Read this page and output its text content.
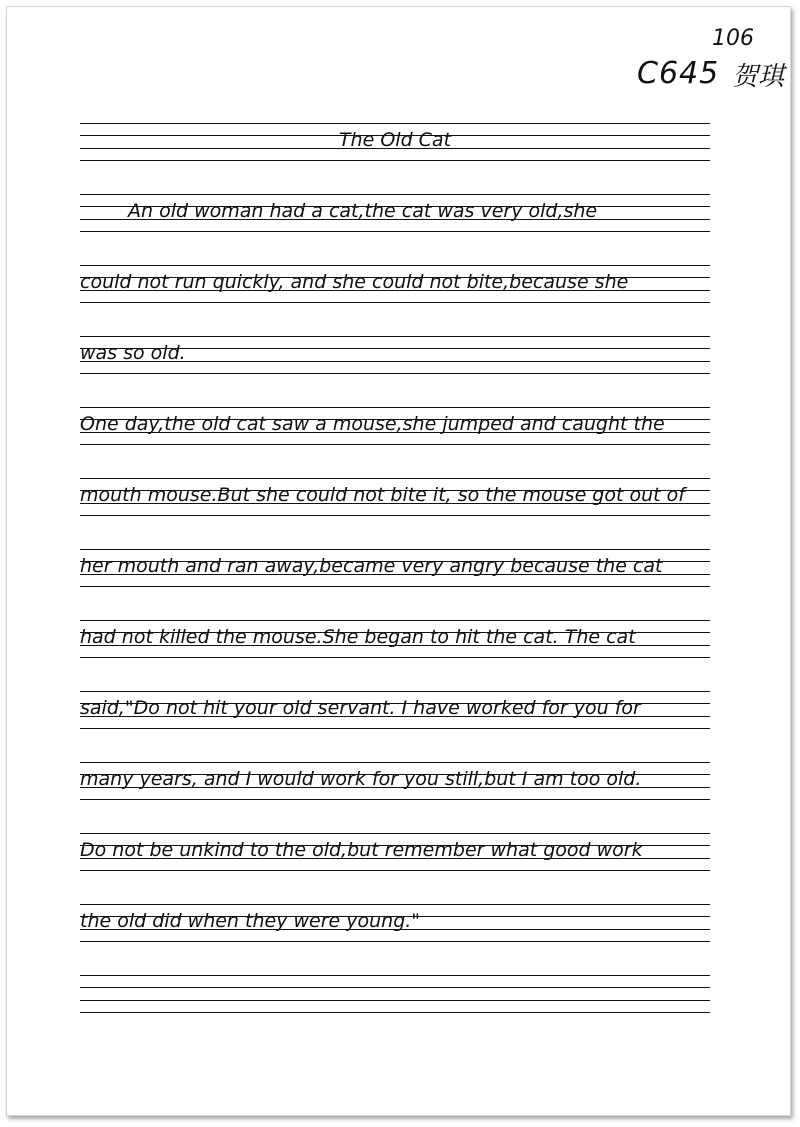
106
C645 贺琪
The Old Cat
An old woman had a cat,the cat was very old,she
could not run quickly, and she could not bite,because she
was so old.
One day,the old cat saw a mouse,she jumped and caught the
mouth mouse.But she could not bite it, so the mouse got out of
her mouth and ran away,became very angry because the cat
had not killed the mouse.She began to hit the cat. The cat
said,"Do not hit your old servant. I have worked for you for
many years, and I would work for you still,but I am too old.
Do not be unkind to the old,but remember what good work
the old did when they were young."
